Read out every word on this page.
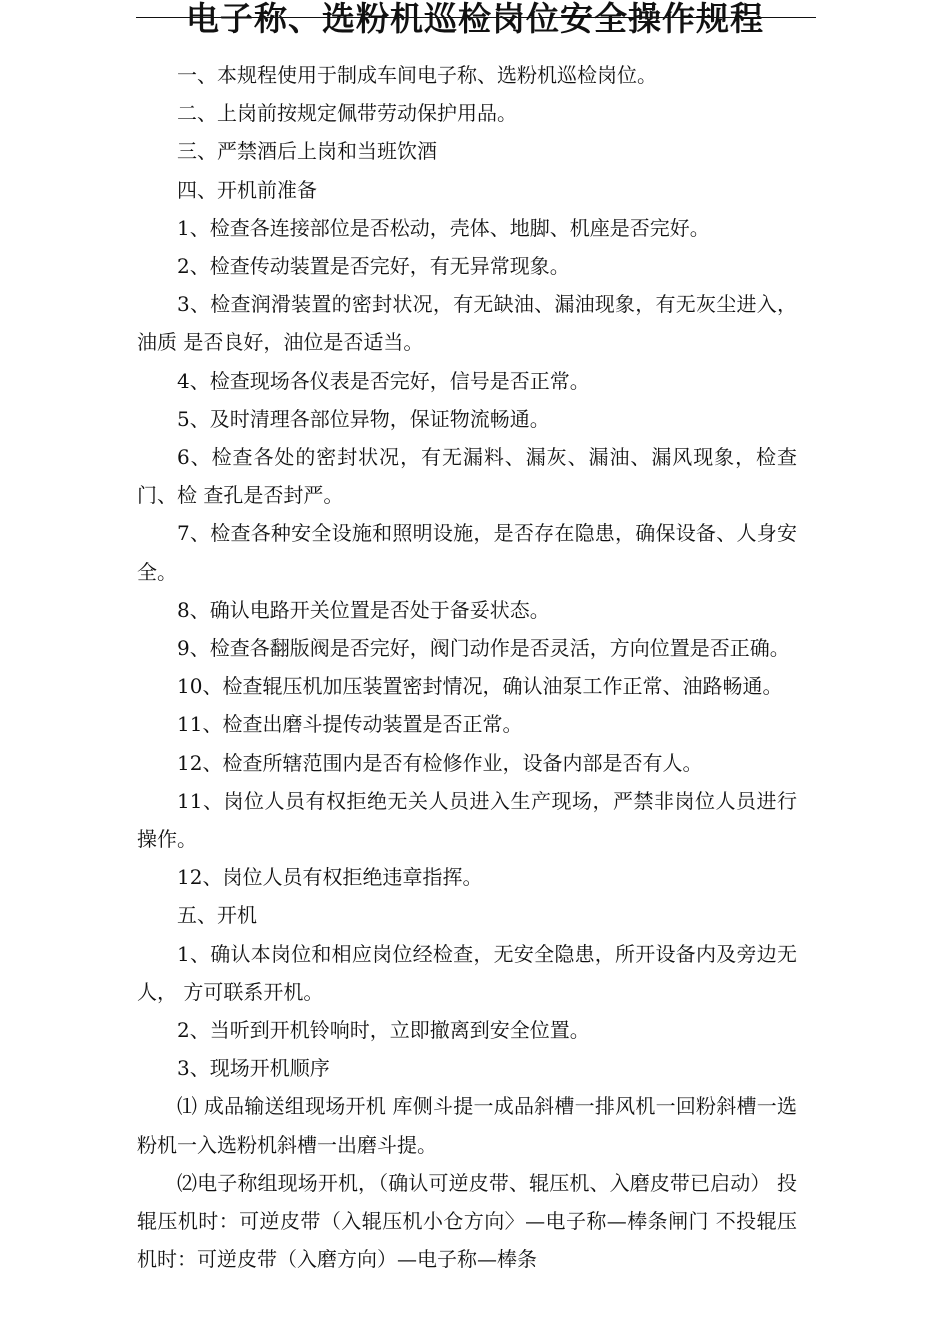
电子称、选粉机巡检岗位安全操作规程

一、本规程使用于制成车间电子称、选粉机巡检岗位。

二、上岗前按规定佩带劳动保护用品。

三、严禁酒后上岗和当班饮酒

四、开机前准备

1、检查各连接部位是否松动，壳体、地脚、机座是否完好。

2、检查传动装置是否完好，有无异常现象。

3、检查润滑装置的密封状况，有无缺油、漏油现象，有无灰尘进入，油质 是否良好，油位是否适当。

4、检查现场各仪表是否完好，信号是否正常。

5、及时清理各部位异物，保证物流畅通。

6、检查各处的密封状况，有无漏料、漏灰、漏油、漏风现象，检查门、检 查孔是否封严。

7、检查各种安全设施和照明设施，是否存在隐患，确保设备、人身安全。

8、确认电路开关位置是否处于备妥状态。

9、检查各翻版阀是否完好，阀门动作是否灵活，方向位置是否正确。

10、检查辊压机加压装置密封情况，确认油泵工作正常、油路畅通。

11、检查出磨斗提传动装置是否正常。

12、检查所辖范围内是否有检修作业，设备内部是否有人。

11、岗位人员有权拒绝无关人员进入生产现场，严禁非岗位人员进行操作。

12、岗位人员有权拒绝违章指挥。

五、开机

1、确认本岗位和相应岗位经检查，无安全隐患，所开设备内及旁边无人， 方可联系开机。

2、当听到开机铃响时，立即撤离到安全位置。

3、现场开机顺序

⑴ 成品输送组现场开机 库侧斗提一成品斜槽一排风机一回粉斜槽一选粉机一入选粉机斜槽一出磨斗提。

⑵电子称组现场开机，（确认可逆皮带、辊压机、入磨皮带已启动） 投辊压机时：可逆皮带（入辊压机小仓方向〉—电子称—棒条闸门 不投辊压机时：可逆皮带（入磨方向）—电子称—棒条
